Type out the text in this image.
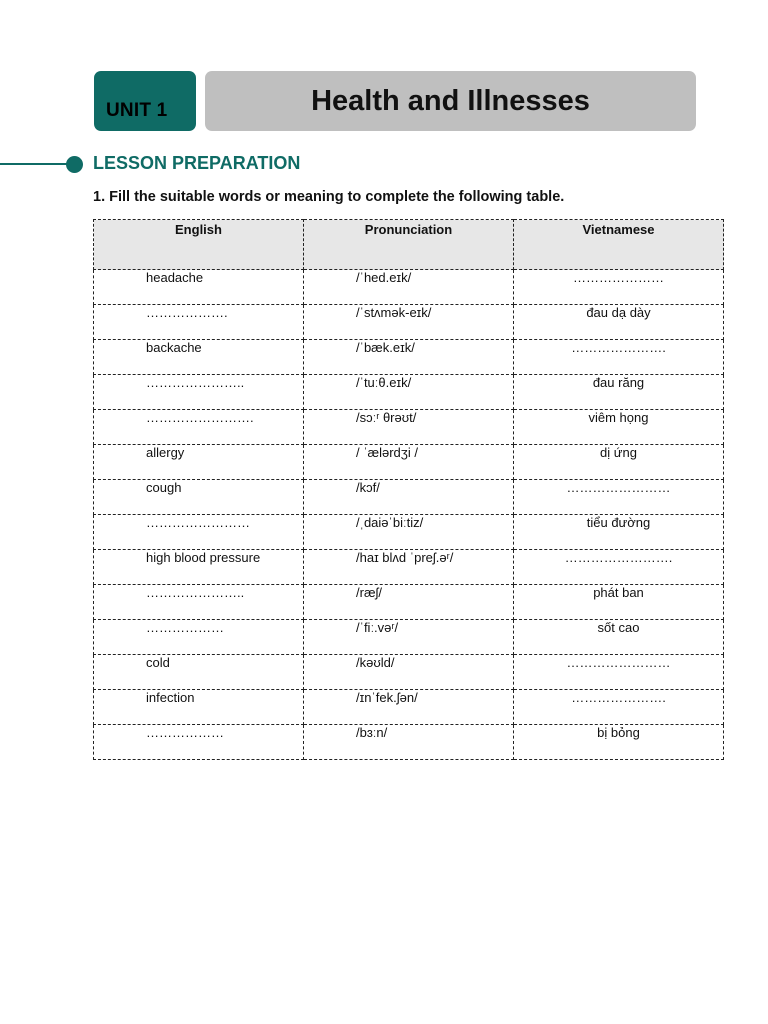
UNIT 1	Health and Illnesses
LESSON PREPARATION
1. Fill the suitable words or meaning to complete the following table.
English	Pronunciation	Vietnamese
headache	/ˈhed.eɪk/	…………………
……………….	/ˈstʌmək-eɪk/	đau dạ dày
backache	/ˈbæk.eɪk/	………………….
…………………..	/ˈtuːθ.eɪk/	đau răng
…………………….	/sɔːʳ θrəʊt/	viêm họng
allergy	/ ˈælərdʒi /	dị ứng
cough	/kɔf/	……………………
……………………	/ˌdaiəˈbiːtiz/	tiểu đường
high blood pressure	/haɪ blʌd ˈpreʃ.əʳ/	…………………….
…………………..	/ræʃ/	phát ban
………………	/ˈfiː.vəʳ/	sốt cao
cold	/kəʊld/	……………………
infection	/ɪnˈfek.ʃən/	………………….
………………	/bɜːn/	bị bỏng
